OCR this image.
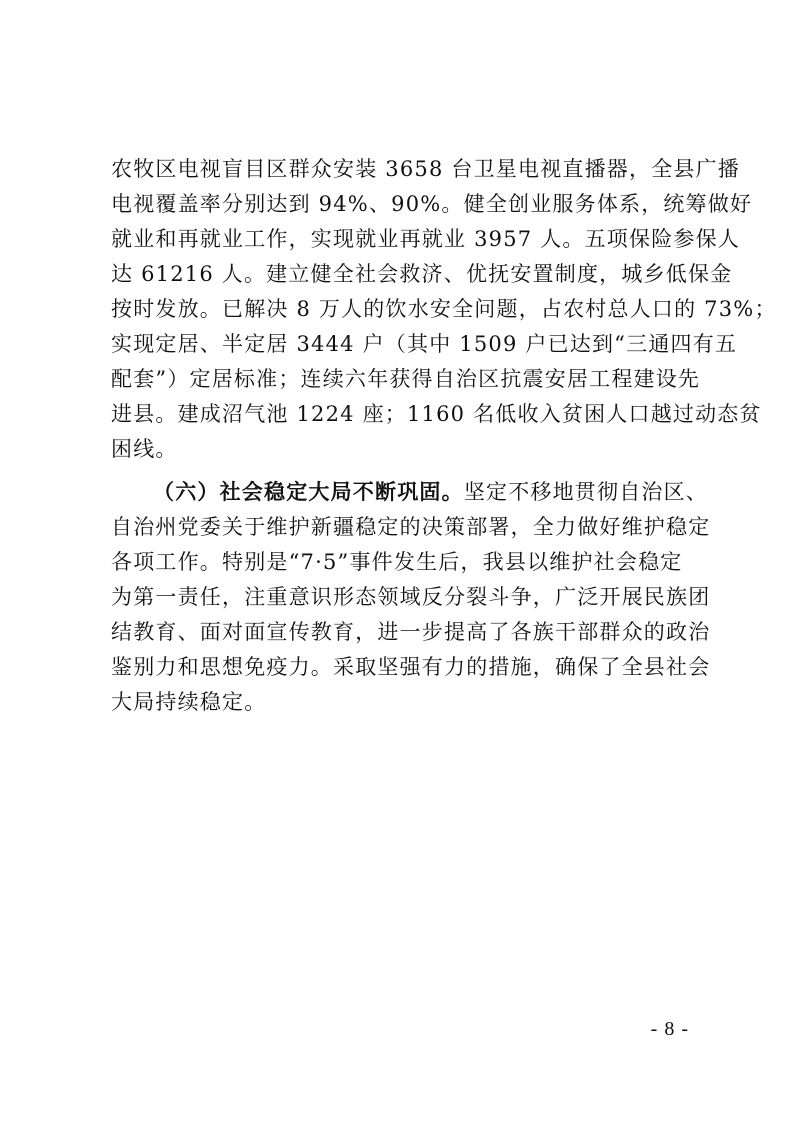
农牧区电视盲目区群众安装 3658 台卫星电视直播器，全县广播
电视覆盖率分别达到 94%、90%。健全创业服务体系，统筹做好
就业和再就业工作，实现就业再就业 3957 人。五项保险参保人
达 61216 人。建立健全社会救济、优抚安置制度，城乡低保金
按时发放。已解决 8 万人的饮水安全问题，占农村总人口的 73%；
实现定居、半定居 3444 户（其中 1509 户已达到“三通四有五
配套”）定居标准；连续六年获得自治区抗震安居工程建设先
进县。建成沼气池 1224 座；1160 名低收入贫困人口越过动态贫
困线。
（六）社会稳定大局不断巩固。坚定不移地贯彻自治区、
自治州党委关于维护新疆稳定的决策部署，全力做好维护稳定
各项工作。特别是“7·5”事件发生后，我县以维护社会稳定
为第一责任，注重意识形态领域反分裂斗争，广泛开展民族团
结教育、面对面宣传教育，进一步提高了各族干部群众的政治
鉴别力和思想免疫力。采取坚强有力的措施，确保了全县社会
大局持续稳定。
- 8 -
